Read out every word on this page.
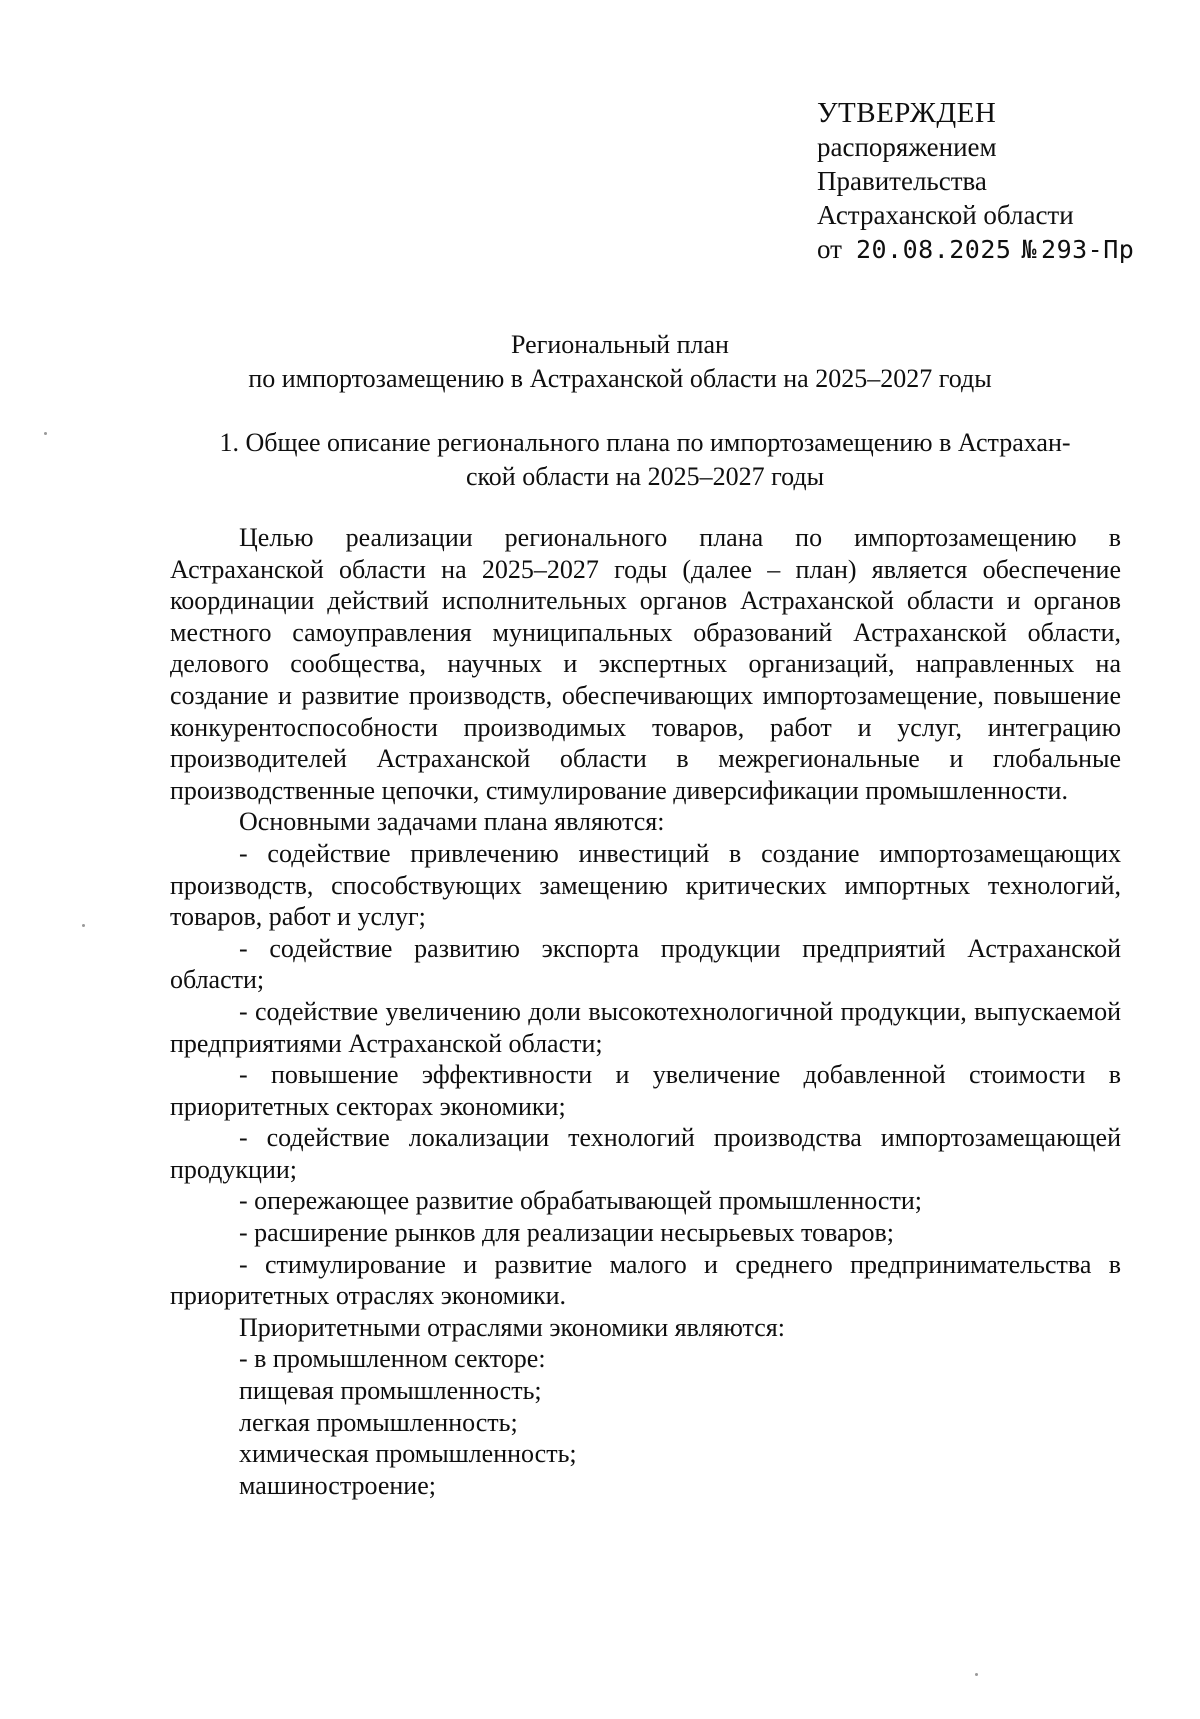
УТВЕРЖДЕН
распоряжением
Правительства
Астраханской области
от 20.08.2025 № 293-Пр
Региональный план
по импортозамещению в Астраханской области на 2025–2027 годы
1. Общее описание регионального плана по импортозамещению в Астрахан-
ской области на 2025–2027 годы

Целью реализации регионального плана по импортозамещению в Астраханской области на 2025–2027 годы (далее – план) является обеспечение координации действий исполнительных органов Астраханской области и органов местного самоуправления муниципальных образований Астраханской области, делового сообщества, научных и экспертных организаций, направленных на создание и развитие производств, обеспечивающих импортозамещение, повышение конкурентоспособности производимых товаров, работ и услуг, интеграцию производителей Астраханской области в межрегиональные и глобальные производственные цепочки, стимулирование диверсификации промышленности.

Основными задачами плана являются:

- содействие привлечению инвестиций в создание импортозамещающих производств, способствующих замещению критических импортных технологий, товаров, работ и услуг;

- содействие развитию экспорта продукции предприятий Астраханской области;

- содействие увеличению доли высокотехнологичной продукции, выпускаемой предприятиями Астраханской области;

- повышение эффективности и увеличение добавленной стоимости в приоритетных секторах экономики;

- содействие локализации технологий производства импортозамещающей продукции;

- опережающее развитие обрабатывающей промышленности;

- расширение рынков для реализации несырьевых товаров;

- стимулирование и развитие малого и среднего предпринимательства в приоритетных отраслях экономики.

Приоритетными отраслями экономики являются:

- в промышленном секторе:

пищевая промышленность;

легкая промышленность;

химическая промышленность;

машиностроение;
